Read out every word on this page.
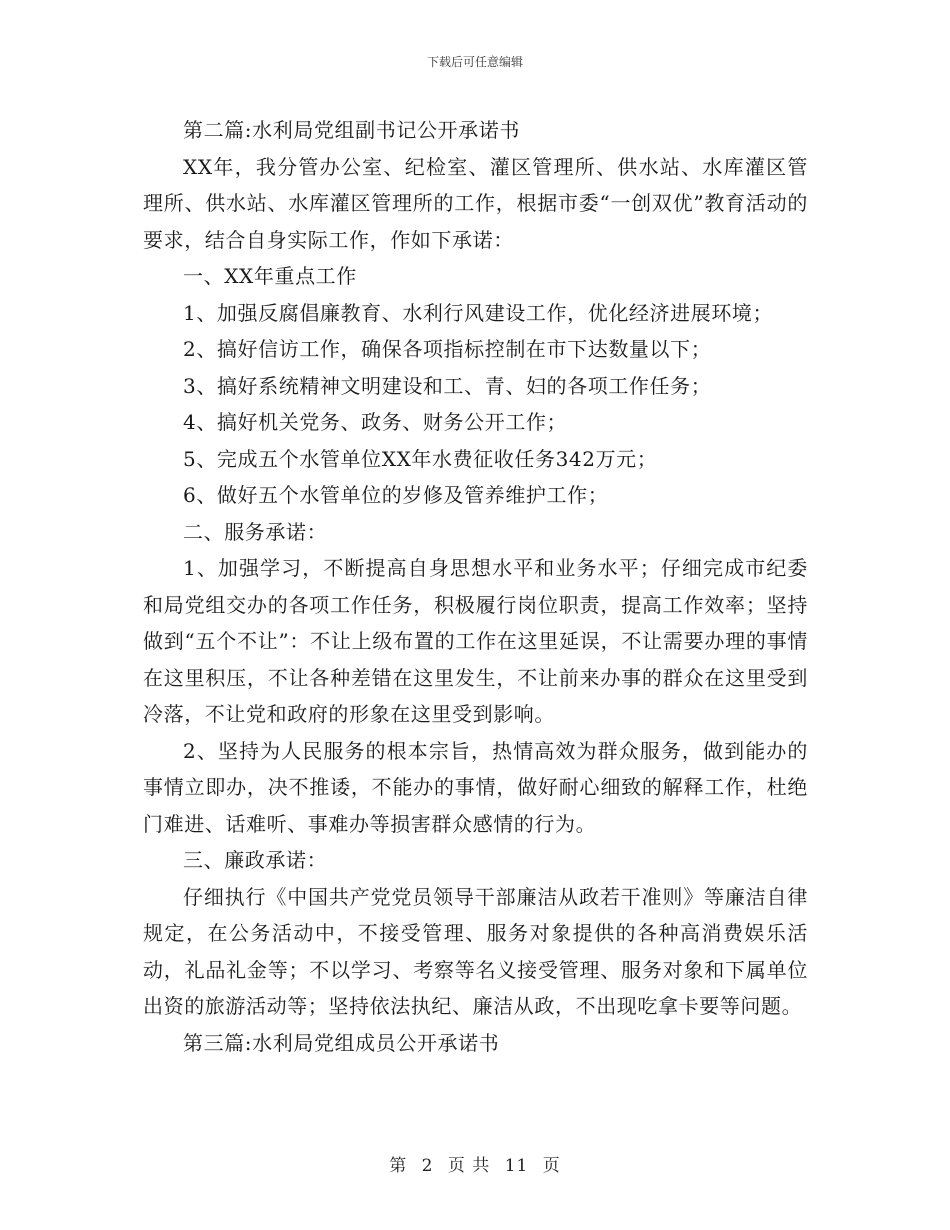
下载后可任意编辑

第二篇:水利局党组副书记公开承诺书

XX年，我分管办公室、纪检室、灌区管理所、供水站、水库灌区管理所、供水站、水库灌区管理所的工作，根据市委“一创双优”教育活动的要求，结合自身实际工作，作如下承诺：

一、XX年重点工作

1、加强反腐倡廉教育、水利行风建设工作，优化经济进展环境；

2、搞好信访工作，确保各项指标控制在市下达数量以下；

3、搞好系统精神文明建设和工、青、妇的各项工作任务；

4、搞好机关党务、政务、财务公开工作；

5、完成五个水管单位XX年水费征收任务342万元；

6、做好五个水管单位的岁修及管养维护工作；

二、服务承诺：

1、加强学习，不断提高自身思想水平和业务水平；仔细完成市纪委和局党组交办的各项工作任务，积极履行岗位职责，提高工作效率；坚持做到“五个不让”：不让上级布置的工作在这里延误，不让需要办理的事情在这里积压，不让各种差错在这里发生，不让前来办事的群众在这里受到冷落，不让党和政府的形象在这里受到影响。

2、坚持为人民服务的根本宗旨，热情高效为群众服务，做到能办的事情立即办，决不推诿，不能办的事情，做好耐心细致的解释工作，杜绝门难进、话难听、事难办等损害群众感情的行为。

三、廉政承诺：

仔细执行《中国共产党党员领导干部廉洁从政若干准则》等廉洁自律规定，在公务活动中，不接受管理、服务对象提供的各种高消费娱乐活动，礼品礼金等；不以学习、考察等名义接受管理、服务对象和下属单位出资的旅游活动等；坚持依法执纪、廉洁从政，不出现吃拿卡要等问题。

第三篇:水利局党组成员公开承诺书

第 2 页 共 11 页
